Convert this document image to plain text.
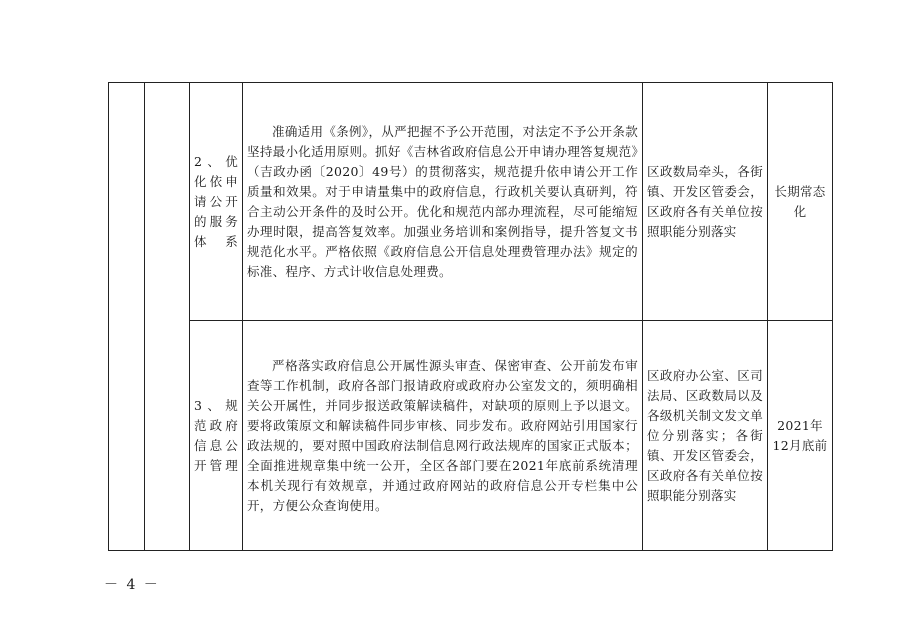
		2、优化依申请公开的服务体系	准确适用《条例》，从严把握不予公开范围，对法定不予公开条款坚持最小化适用原则。抓好《吉林省政府信息公开申请办理答复规范》（吉政办函〔2020〕49号）的贯彻落实，规范提升依申请公开工作质量和效果。对于申请量集中的政府信息，行政机关要认真研判，符合主动公开条件的及时公开。优化和规范内部办理流程，尽可能缩短办理时限，提高答复效率。加强业务培训和案例指导，提升答复文书规范化水平。严格依照《政府信息公开信息处理费管理办法》规定的标准、程序、方式计收信息处理费。	区政数局牵头，各街镇、开发区管委会，区政府各有关单位按照职能分别落实	长期常态化
		3、规范政府信息公开管理	严格落实政府信息公开属性源头审查、保密审查、公开前发布审查等工作机制，政府各部门报请政府或政府办公室发文的，须明确相关公开属性，并同步报送政策解读稿件，对缺项的原则上予以退文。要将政策原文和解读稿件同步审核、同步发布。政府网站引用国家行政法规的，要对照中国政府法制信息网行政法规库的国家正式版本；全面推进规章集中统一公开，全区各部门要在2021年底前系统清理本机关现行有效规章，并通过政府网站的政府信息公开专栏集中公开，方便公众查询使用。	区政府办公室、区司法局、区政数局以及各级机关制文发文单位分别落实；各街镇、开发区管委会，区政府各有关单位按照职能分别落实	2021年12月底前
－ 4 －
